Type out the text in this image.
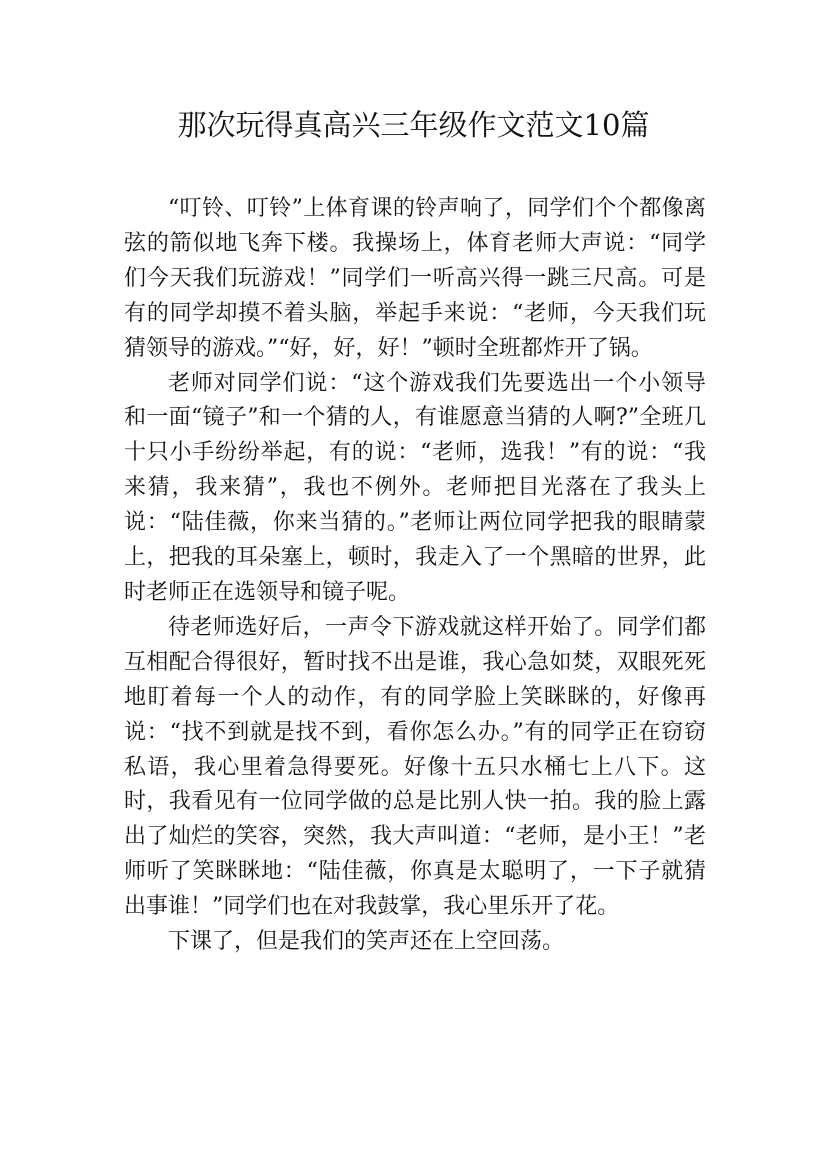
那次玩得真高兴三年级作文范文10篇

“叮铃、叮铃”上体育课的铃声响了，同学们个个都像离弦的箭似地飞奔下楼。我操场上，体育老师大声说：“同学们今天我们玩游戏！”同学们一听高兴得一跳三尺高。可是有的同学却摸不着头脑，举起手来说：“老师，今天我们玩猜领导的游戏。”“好，好，好！”顿时全班都炸开了锅。

老师对同学们说：“这个游戏我们先要选出一个小领导和一面“镜子”和一个猜的人，有谁愿意当猜的人啊?”全班几十只小手纷纷举起，有的说：“老师，选我！”有的说：“我来猜，我来猜”，我也不例外。老师把目光落在了我头上说：“陆佳薇，你来当猜的。”老师让两位同学把我的眼睛蒙上，把我的耳朵塞上，顿时，我走入了一个黑暗的世界，此时老师正在选领导和镜子呢。

待老师选好后，一声令下游戏就这样开始了。同学们都互相配合得很好，暂时找不出是谁，我心急如焚，双眼死死地盯着每一个人的动作，有的同学脸上笑眯眯的，好像再说：“找不到就是找不到，看你怎么办。”有的同学正在窃窃私语，我心里着急得要死。好像十五只水桶七上八下。这时，我看见有一位同学做的总是比别人快一拍。我的脸上露出了灿烂的笑容，突然，我大声叫道：“老师，是小王！”老师听了笑眯眯地：“陆佳薇，你真是太聪明了，一下子就猜出事谁！”同学们也在对我鼓掌，我心里乐开了花。

下课了，但是我们的笑声还在上空回荡。
